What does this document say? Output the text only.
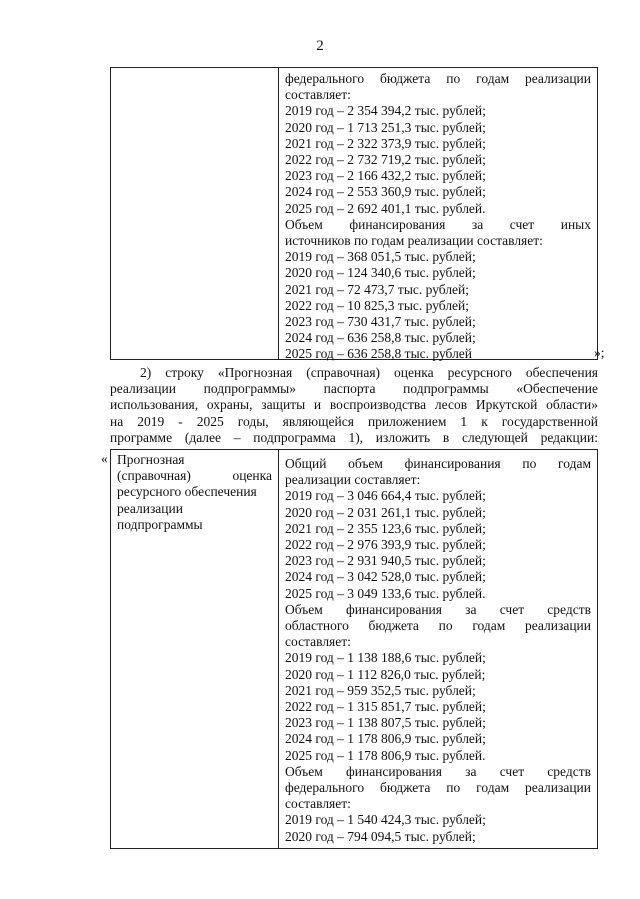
2
федерального бюджета по годам реализации
составляет:
2019 год – 2 354 394,2 тыс. рублей;
2020 год – 1 713 251,3 тыс. рублей;
2021 год – 2 322 373,9 тыс. рублей;
2022 год – 2 732 719,2 тыс. рублей;
2023 год – 2 166 432,2 тыс. рублей;
2024 год – 2 553 360,9 тыс. рублей;
2025 год – 2 692 401,1 тыс. рублей.
Объем финансирования за счет иных
источников по годам реализации составляет:
2019 год – 368 051,5 тыс. рублей;
2020 год – 124 340,6 тыс. рублей;
2021 год – 72 473,7 тыс. рублей;
2022 год – 10 825,3 тыс. рублей;
2023 год – 730 431,7 тыс. рублей;
2024 год – 636 258,8 тыс. рублей;
2025 год – 636 258,8 тыс. рублей	»;
2) строку «Прогнозная (справочная) оценка ресурсного обеспечения
реализации подпрограммы» паспорта подпрограммы «Обеспечение
использования, охраны, защиты и воспроизводства лесов Иркутской области»
на 2019 - 2025 годы, являющейся приложением 1 к государственной
программе (далее – подпрограмма 1), изложить в следующей редакции:
« Прогнозная
(справочная) оценка
ресурсного обеспечения
реализации
подпрограммы
Общий объем финансирования по годам
реализации составляет:
2019 год – 3 046 664,4 тыс. рублей;
2020 год – 2 031 261,1 тыс. рублей;
2021 год – 2 355 123,6 тыс. рублей;
2022 год – 2 976 393,9 тыс. рублей;
2023 год – 2 931 940,5 тыс. рублей;
2024 год – 3 042 528,0 тыс. рублей;
2025 год – 3 049 133,6 тыс. рублей.
Объем финансирования за счет средств
областного бюджета по годам реализации
составляет:
2019 год – 1 138 188,6 тыс. рублей;
2020 год – 1 112 826,0 тыс. рублей;
2021 год – 959 352,5 тыс. рублей;
2022 год – 1 315 851,7 тыс. рублей;
2023 год – 1 138 807,5 тыс. рублей;
2024 год – 1 178 806,9 тыс. рублей;
2025 год – 1 178 806,9 тыс. рублей.
Объем финансирования за счет средств
федерального бюджета по годам реализации
составляет:
2019 год – 1 540 424,3 тыс. рублей;
2020 год – 794 094,5 тыс. рублей;
